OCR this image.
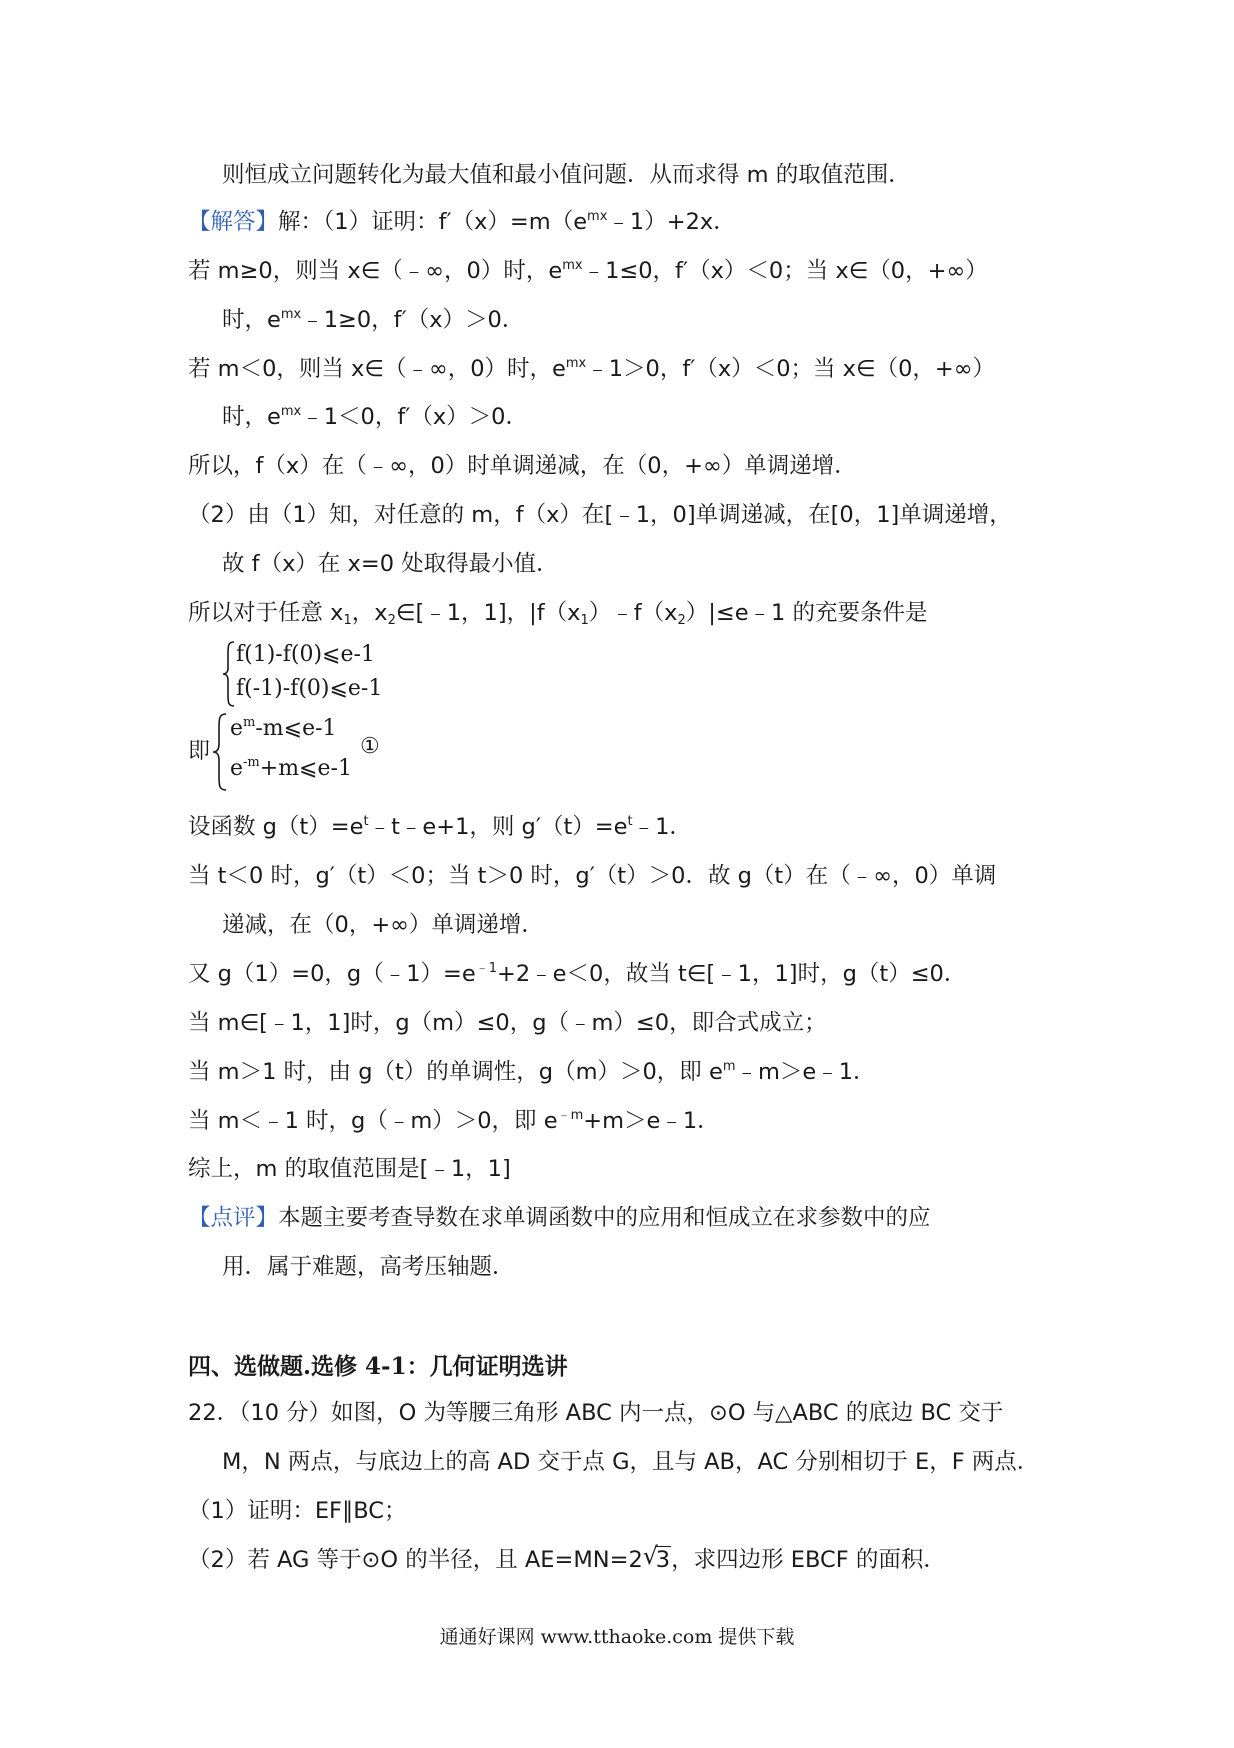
则恒成立问题转化为最大值和最小值问题．从而求得 m 的取值范围．
【解答】解：（1）证明：$f'(x)=m(e^{mx}﹣1)+2x$．
若 m≥0，则当 x∈（﹣∞，0）时，$e^{mx}﹣1\le 0$，f′（x）＜0；当 x∈（0，+∞）
时，$e^{mx}﹣1\ge 0$，f′（x）＞0．
若 m＜0，则当 x∈（﹣∞，0）时，$e^{mx}﹣1>0$，f′（x）＜0；当 x∈（0，+∞）
时，$e^{mx}﹣1<0$，f′（x）＞0．
所以，f（x）在（﹣∞，0）时单调递减，在（0，+∞）单调递增．
（2）由（1）知，对任意的 m，f（x）在[﹣1，0]单调递减，在[0，1]单调递增，
故 f（x）在 x=0 处取得最小值．
所以对于任意 $x_1$，$x_2\in[﹣1$，1]，$|f(x_1)﹣f(x_2)|\le e﹣1$ 的充要条件是
f(1)-f(0)⩽e-1
f(-1)-f(0)⩽e-1
即
$e^m-m⩽e-1$
$e^{-m}+m⩽e-1$
①
设函数 $g(t)=e^t﹣t﹣e+1$，则 $g'(t)=e^t﹣1$．
当 t＜0 时，g′（t）＜0；当 t＞0 时，g′（t）＞0．故 g（t）在（﹣∞，0）单调
递减，在（0，+∞）单调递增．
又 g（1）=0，$g(﹣1)=e^{﹣1}+2﹣e<0$，故当 t∈[﹣1，1]时，g（t）≤0．
当 m∈[﹣1，1]时，g（m）≤0，g（﹣m）≤0，即合式成立；
当 m＞1 时，由 g（t）的单调性，g（m）＞0，即 $e^m﹣m>e﹣1$．
当 m＜﹣1 时，g（﹣m）＞0，即 $e^{﹣m}+m>e﹣1$．
综上，m 的取值范围是[﹣1，1]
【点评】本题主要考查导数在求单调函数中的应用和恒成立在求参数中的应
用．属于难题，高考压轴题．
四、选做题.选修 4-1：几何证明选讲
22．（10 分）如图，O 为等腰三角形 ABC 内一点，⊙O 与△ABC 的底边 BC 交于
M，N 两点，与底边上的高 AD 交于点 G，且与 AB，AC 分别相切于 E，F 两点．
（1）证明：EF∥BC；
（2）若 AG 等于⊙O 的半径，且 AE=MN=2 √
3，求四边形 EBCF 的面积．
通通好课网 www.tthaoke.com 提供下载
